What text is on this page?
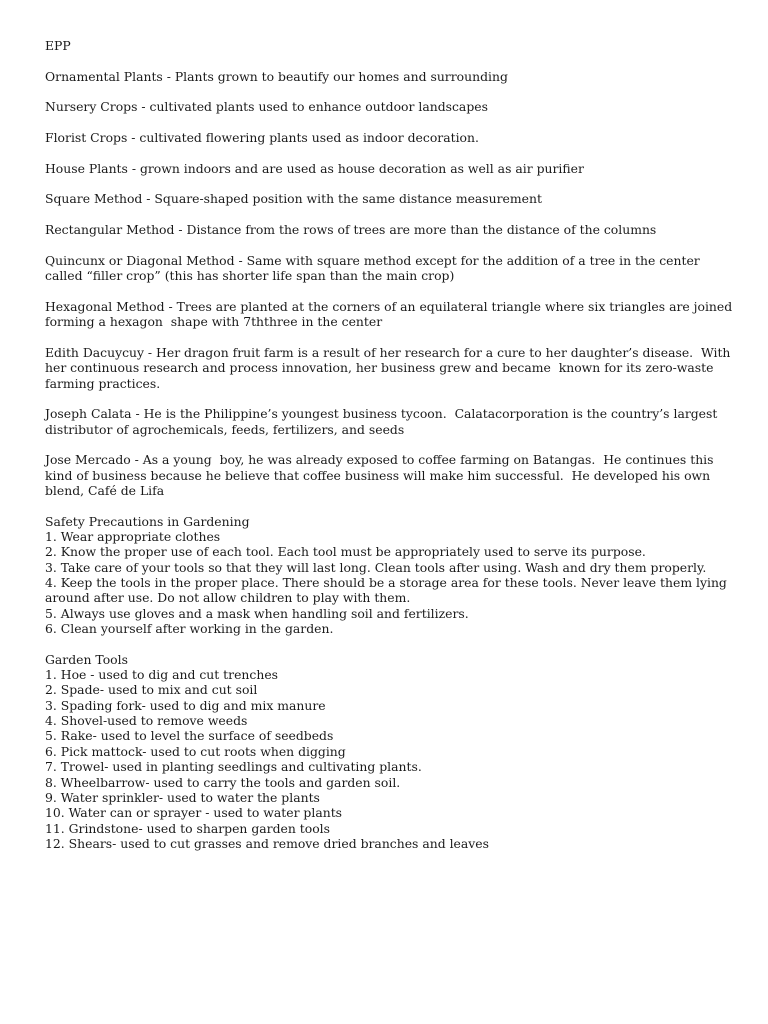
EPP
Ornamental Plants - Plants grown to beautify our homes and surrounding
Nursery Crops - cultivated plants used to enhance outdoor landscapes
Florist Crops - cultivated flowering plants used as indoor decoration.
House Plants - grown indoors and are used as house decoration as well as air purifier
Square Method - Square-shaped position with the same distance measurement
Rectangular Method - Distance from the rows of trees are more than the distance of the columns
Quincunx or Diagonal Method - Same with square method except for the addition of a tree in the center called “filler crop” (this has shorter life span than the main crop)
Hexagonal Method - Trees are planted at the corners of an equilateral triangle where six triangles are joined forming a hexagon  shape with 7ththree in the center
Edith Dacuycuy - Her dragon fruit farm is a result of her research for a cure to her daughter’s disease.  With her continuous research and process innovation, her business grew and became  known for its zero-waste farming practices.
Joseph Calata - He is the Philippine’s youngest business tycoon.  Calatacorporation is the country’s largest distributor of agrochemicals, feeds, fertilizers, and seeds
Jose Mercado - As a young  boy, he was already exposed to coffee farming on Batangas.  He continues this kind of business because he believe that coffee business will make him successful.  He developed his own blend, Café de Lifa
Safety Precautions in Gardening
1. Wear appropriate clothes
2. Know the proper use of each tool. Each tool must be appropriately used to serve its purpose.
3. Take care of your tools so that they will last long. Clean tools after using. Wash and dry them properly.
4. Keep the tools in the proper place. There should be a storage area for these tools. Never leave them lying around after use. Do not allow children to play with them.
5. Always use gloves and a mask when handling soil and fertilizers.
6. Clean yourself after working in the garden.
Garden Tools
1. Hoe - used to dig and cut trenches
2. Spade- used to mix and cut soil
3. Spading fork- used to dig and mix manure
4. Shovel-used to remove weeds
5. Rake- used to level the surface of seedbeds
6. Pick mattock- used to cut roots when digging
7. Trowel- used in planting seedlings and cultivating plants.
8. Wheelbarrow- used to carry the tools and garden soil.
9. Water sprinkler- used to water the plants
10. Water can or sprayer - used to water plants
11. Grindstone- used to sharpen garden tools
12. Shears- used to cut grasses and remove dried branches and leaves
